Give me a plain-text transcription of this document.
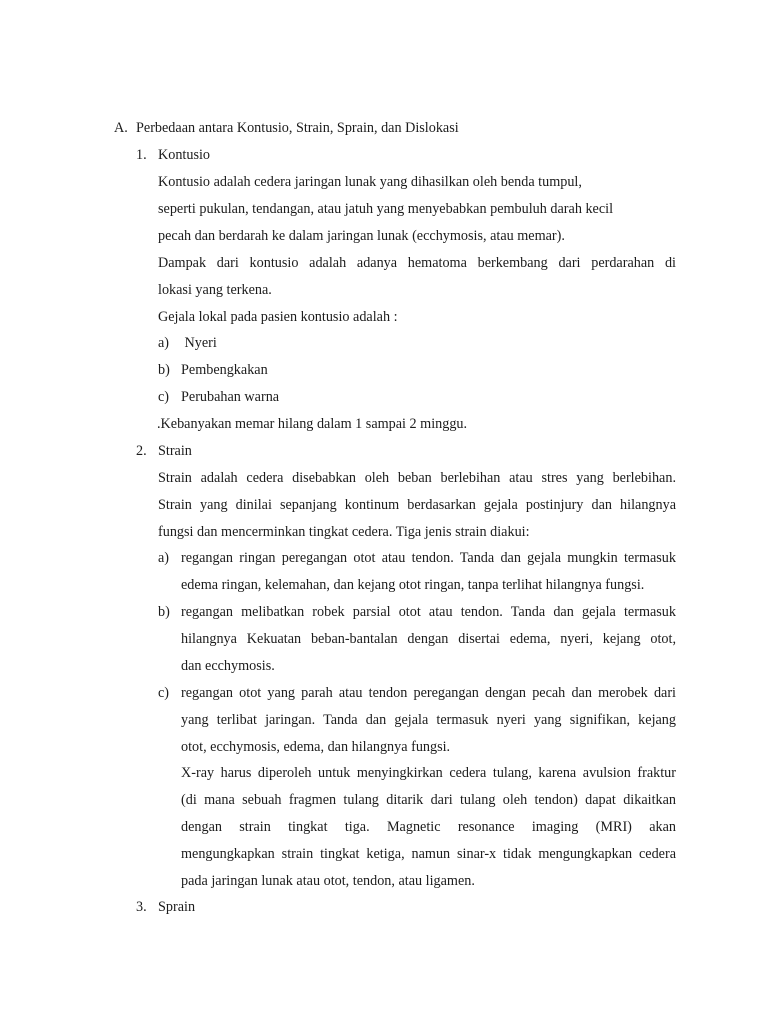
A. Perbedaan antara Kontusio, Strain, Sprain, dan Dislokasi
1. Kontusio
Kontusio adalah cedera jaringan lunak yang dihasilkan oleh benda tumpul,
seperti pukulan, tendangan, atau jatuh yang menyebabkan pembuluh darah kecil
pecah dan berdarah ke dalam jaringan lunak (ecchymosis, atau memar).
Dampak dari kontusio adalah adanya hematoma berkembang dari perdarahan di
lokasi yang terkena.
Gejala lokal pada pasien kontusio adalah :
a) Nyeri
b) Pembengkakan
c) Perubahan warna
.Kebanyakan memar hilang dalam 1 sampai 2 minggu.
2. Strain
Strain adalah cedera disebabkan oleh beban berlebihan atau stres yang berlebihan.
Strain yang dinilai sepanjang kontinum berdasarkan gejala postinjury dan hilangnya
fungsi dan mencerminkan tingkat cedera. Tiga jenis strain diakui:
a) regangan ringan peregangan otot atau tendon. Tanda dan gejala mungkin termasuk
edema ringan, kelemahan, dan kejang otot ringan, tanpa terlihat hilangnya fungsi.
b) regangan melibatkan robek parsial otot atau tendon. Tanda dan gejala termasuk
hilangnya Kekuatan beban-bantalan dengan disertai edema, nyeri, kejang otot,
dan ecchymosis.
c) regangan otot yang parah atau tendon peregangan dengan pecah dan merobek dari
yang terlibat jaringan. Tanda dan gejala termasuk nyeri yang signifikan, kejang
otot, ecchymosis, edema, dan hilangnya fungsi.
X-ray harus diperoleh untuk menyingkirkan cedera tulang, karena avulsion fraktur
(di mana sebuah fragmen tulang ditarik dari tulang oleh tendon) dapat dikaitkan
dengan strain tingkat tiga. Magnetic resonance imaging (MRI) akan
mengungkapkan strain tingkat ketiga, namun sinar-x tidak mengungkapkan cedera
pada jaringan lunak atau otot, tendon, atau ligamen.
3. Sprain
